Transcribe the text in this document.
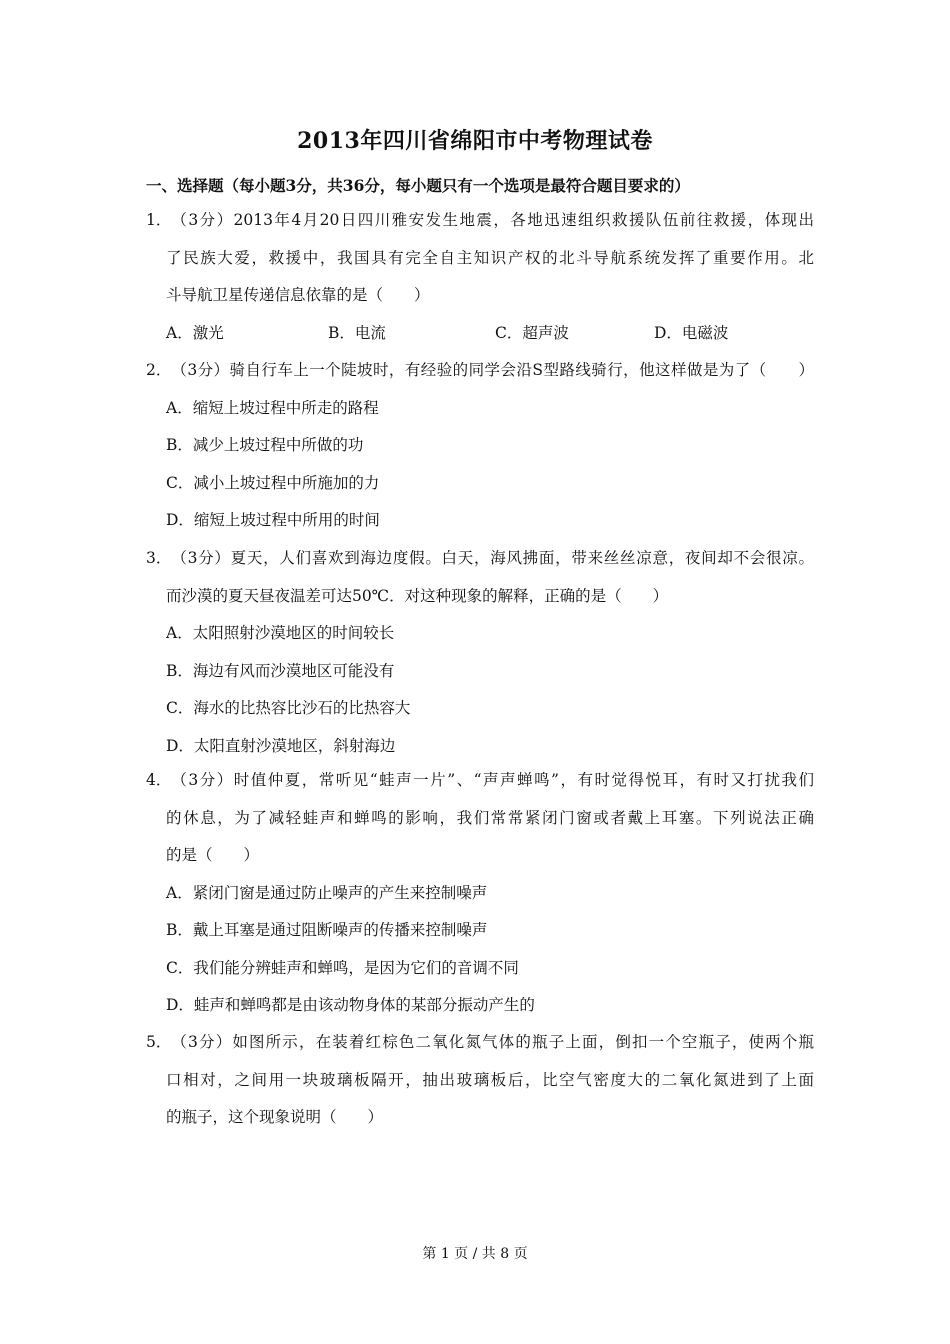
2013年四川省绵阳市中考物理试卷
一、选择题（每小题3分，共36分，每小题只有一个选项是最符合题目要求的）
1． （3分）2013年4月20日四川雅安发生地震，各地迅速组织救援队伍前往救援，体现出
了民族大爱，救援中，我国具有完全自主知识产权的北斗导航系统发挥了重要作用。北
斗导航卫星传递信息依靠的是（　　）
A．激光	B．电流	C．超声波	D．电磁波
2． （3分）骑自行车上一个陡坡时，有经验的同学会沿S型路线骑行，他这样做是为了（　　）
A．缩短上坡过程中所走的路程
B．减少上坡过程中所做的功
C．减小上坡过程中所施加的力
D．缩短上坡过程中所用的时间
3． （3分）夏天，人们喜欢到海边度假。白天，海风拂面，带来丝丝凉意，夜间却不会很凉。
而沙漠的夏天昼夜温差可达50℃．对这种现象的解释，正确的是（　　）
A．太阳照射沙漠地区的时间较长
B．海边有风而沙漠地区可能没有
C．海水的比热容比沙石的比热容大
D．太阳直射沙漠地区，斜射海边
4． （3分）时值仲夏，常听见“蛙声一片”、“声声蝉鸣”，有时觉得悦耳，有时又打扰我们
的休息，为了减轻蛙声和蝉鸣的影响，我们常常紧闭门窗或者戴上耳塞。下列说法正确
的是（　　）
A．紧闭门窗是通过防止噪声的产生来控制噪声
B．戴上耳塞是通过阻断噪声的传播来控制噪声
C．我们能分辨蛙声和蝉鸣，是因为它们的音调不同
D．蛙声和蝉鸣都是由该动物身体的某部分振动产生的
5． （3分）如图所示，在装着红棕色二氧化氮气体的瓶子上面，倒扣一个空瓶子，使两个瓶
口相对，之间用一块玻璃板隔开，抽出玻璃板后，比空气密度大的二氧化氮进到了上面
的瓶子，这个现象说明（　　）
第 1 页 / 共 8 页
